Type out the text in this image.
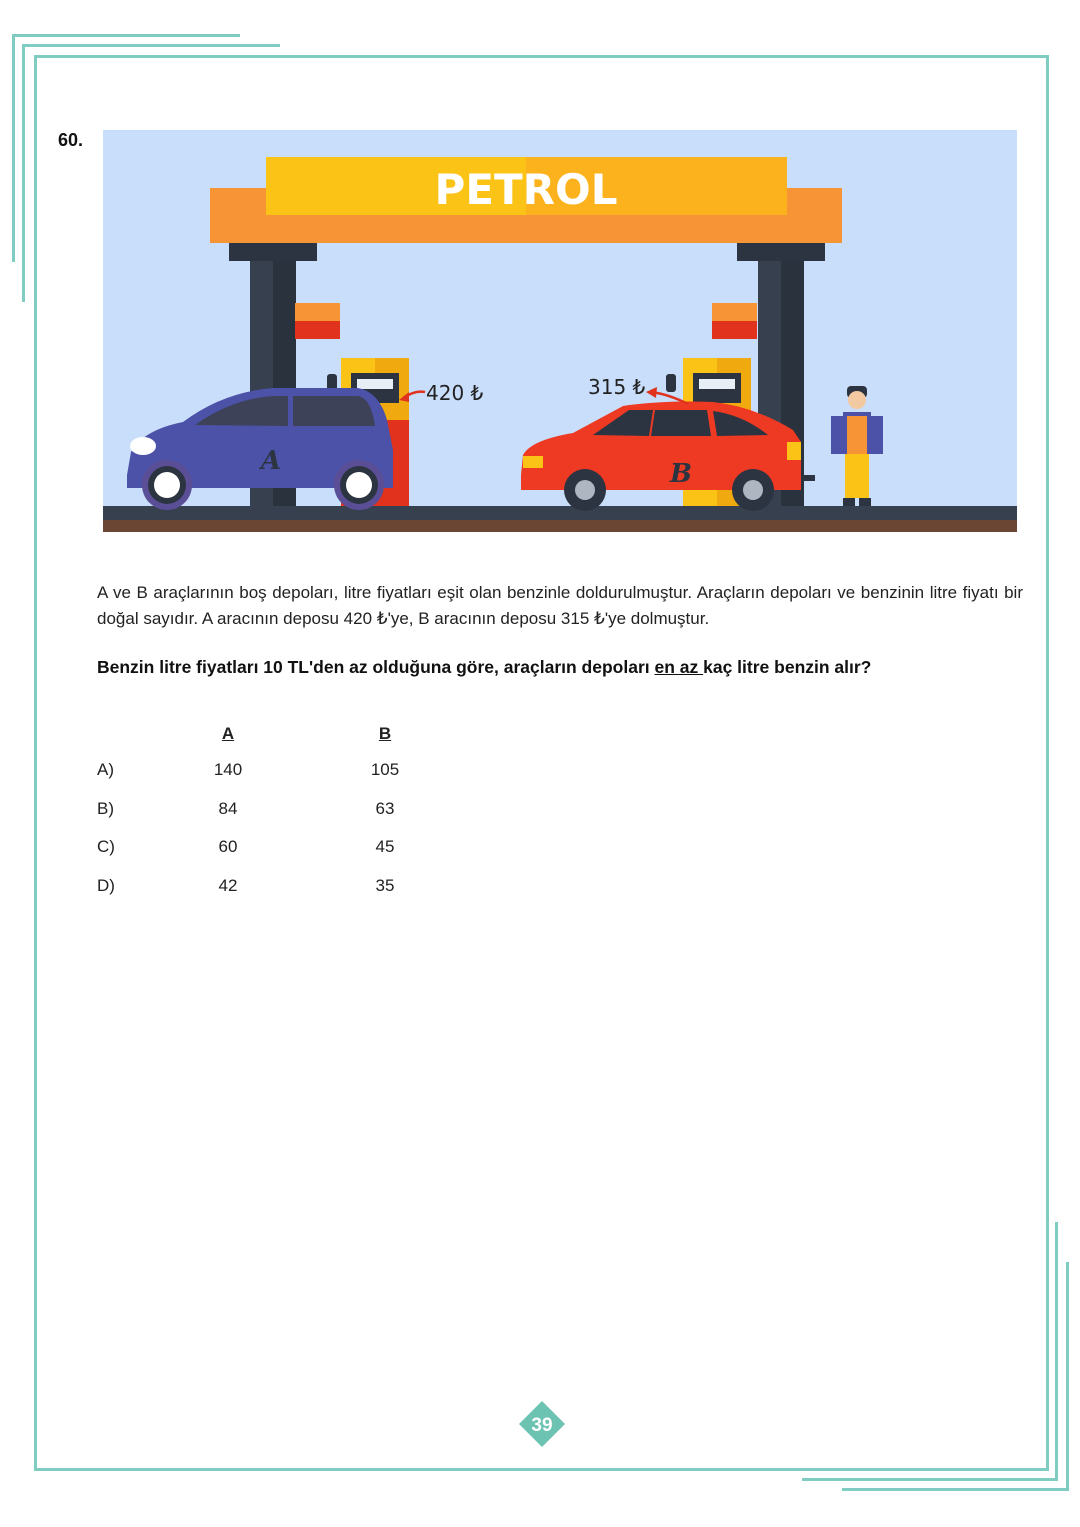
60.
PETROL
A	B
420 ₺	315 ₺
A ve B araçlarının boş depoları, litre fiyatları eşit olan benzinle doldurulmuştur. Araçların depoları ve benzinin litre fiyatı bir doğal sayıdır. A aracının deposu 420 ₺'ye, B aracının deposu 315 ₺'ye dolmuştur.
Benzin litre fiyatları 10 TL'den az olduğuna göre, araçların depoları en az kaç litre benzin alır?
A	B
A)	140	105
B)	84	63
C)	60	45
D)	42	35
39
